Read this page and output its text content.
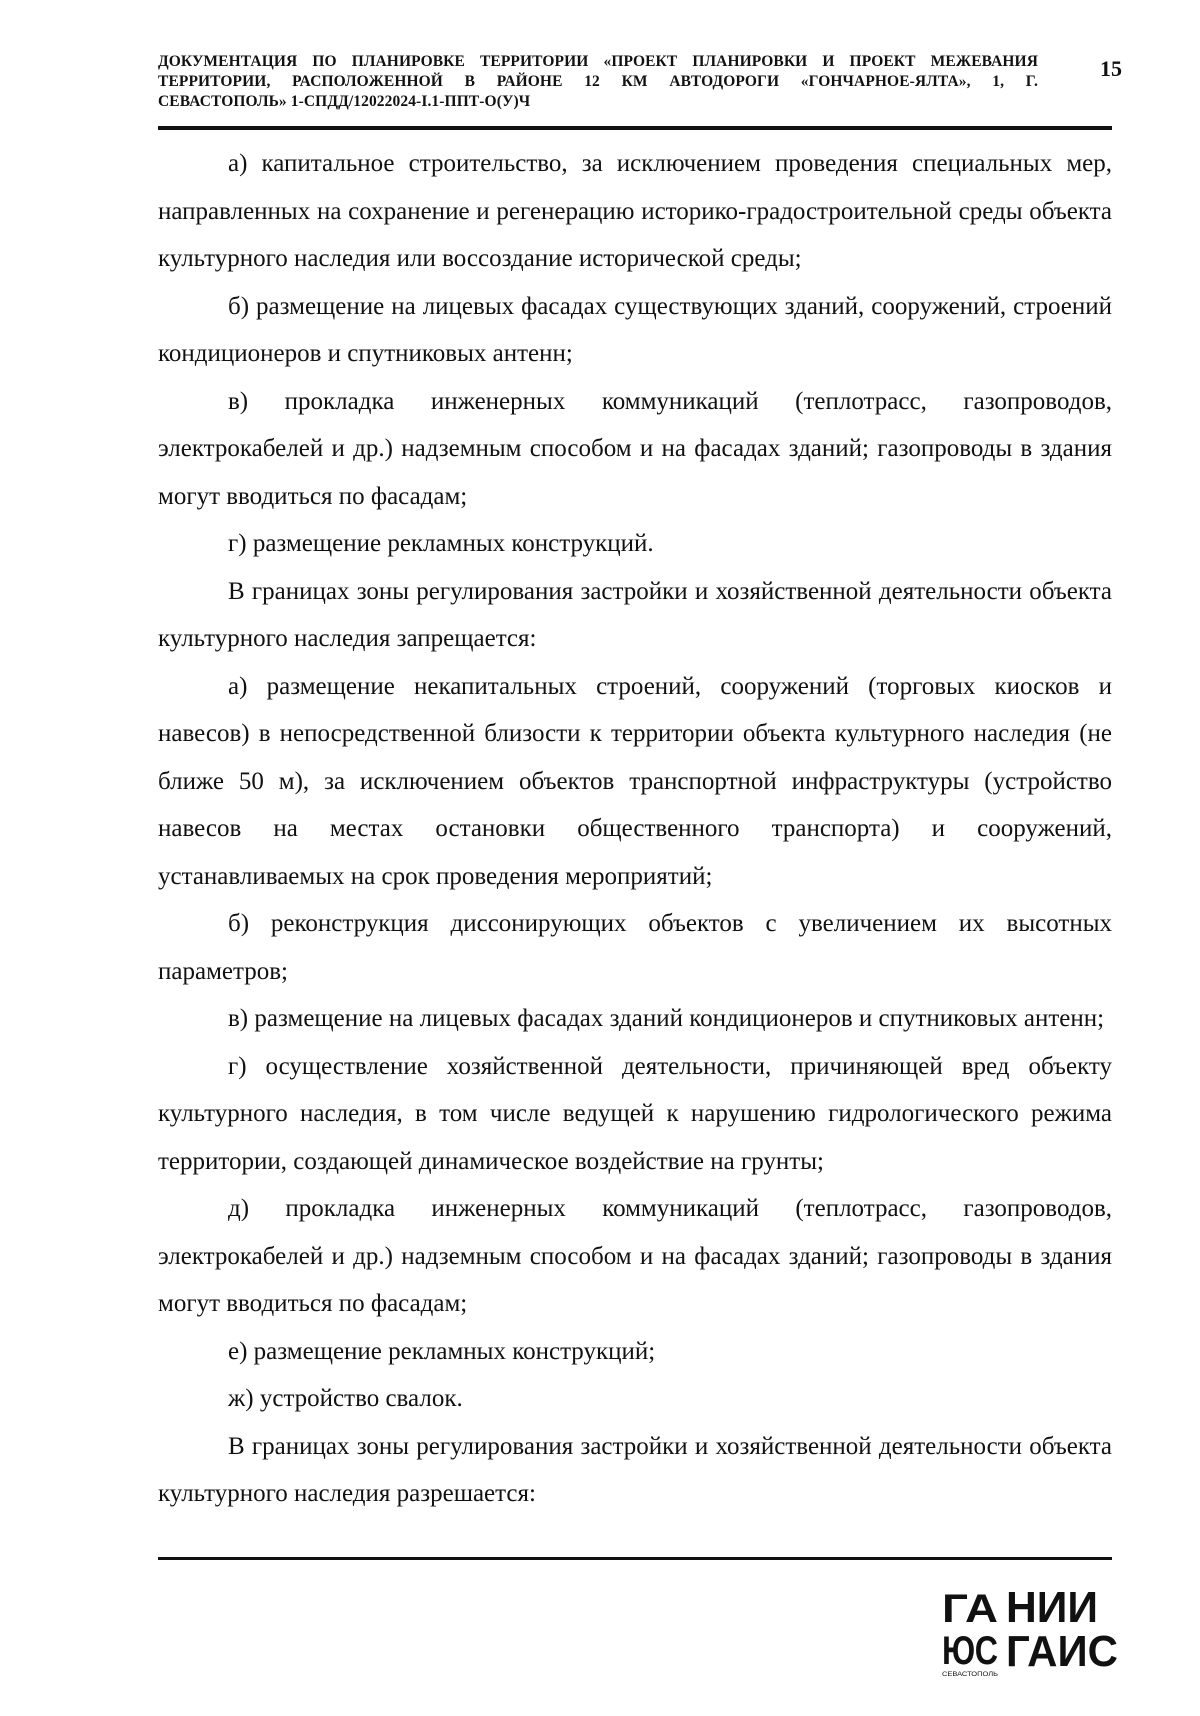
ДОКУМЕНТАЦИЯ ПО ПЛАНИРОВКЕ ТЕРРИТОРИИ «ПРОЕКТ ПЛАНИРОВКИ И ПРОЕКТ МЕЖЕВАНИЯ
ТЕРРИТОРИИ, РАСПОЛОЖЕННОЙ В РАЙОНЕ 12 КМ АВТОДОРОГИ «ГОНЧАРНОЕ-ЯЛТА», 1, Г.
СЕВАСТОПОЛЬ» 1-СПДД/12022024-I.1-ППТ-О(У)Ч
15

а) капитальное строительство, за исключением проведения специальных мер, направленных на сохранение и регенерацию историко-градостроительной среды объекта культурного наследия или воссоздание исторической среды;

б) размещение на лицевых фасадах существующих зданий, сооружений, строений кондиционеров и спутниковых антенн;

в) прокладка инженерных коммуникаций (теплотрасс, газопроводов, электрокабелей и др.) надземным способом и на фасадах зданий; газопроводы в здания могут вводиться по фасадам;

г) размещение рекламных конструкций.

В границах зоны регулирования застройки и хозяйственной деятельности объекта культурного наследия запрещается:

а) размещение некапитальных строений, сооружений (торговых киосков и навесов) в непосредственной близости к территории объекта культурного наследия (не ближе 50 м), за исключением объектов транспортной инфраструктуры (устройство навесов на местах остановки общественного транспорта) и сооружений, устанавливаемых на срок проведения мероприятий;

б) реконструкция диссонирующих объектов с увеличением их высотных параметров;

в) размещение на лицевых фасадах зданий кондиционеров и спутниковых антенн;

г) осуществление хозяйственной деятельности, причиняющей вред объекту культурного наследия, в том числе ведущей к нарушению гидрологического режима территории, создающей динамическое воздействие на грунты;

д) прокладка инженерных коммуникаций (теплотрасс, газопроводов, электрокабелей и др.) надземным способом и на фасадах зданий; газопроводы в здания могут вводиться по фасадам;

е) размещение рекламных конструкций;

ж) устройство свалок.

В границах зоны регулирования застройки и хозяйственной деятельности объекта культурного наследия разрешается:

ГА
ЮС
СЕВАСТОПОЛЬ
НИИ
ГАИС
